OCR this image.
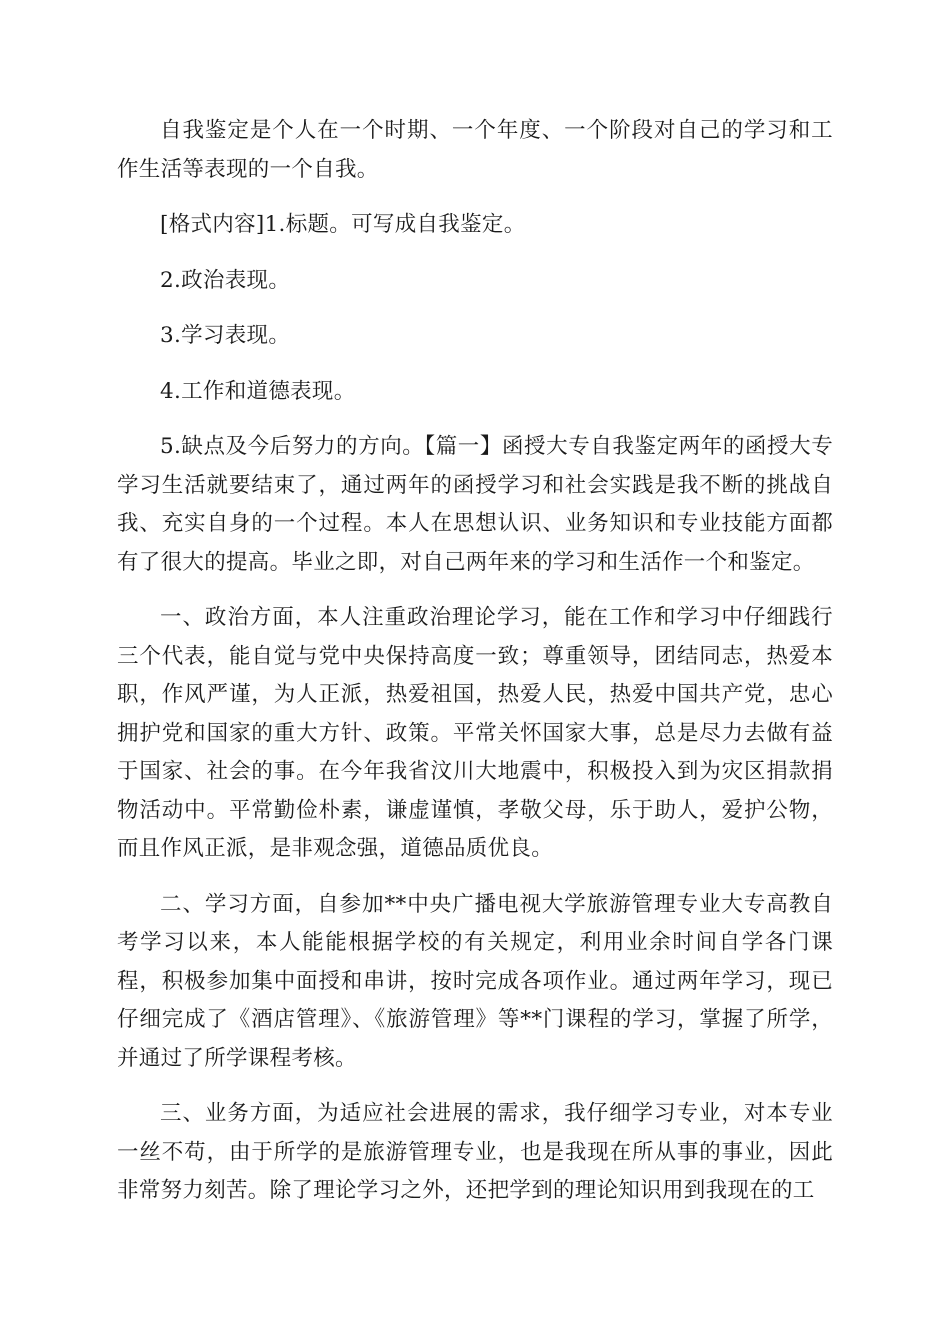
自我鉴定是个人在一个时期、一个年度、一个阶段对自己的学习和工作生活等表现的一个自我。

[格式内容]1.标题。可写成自我鉴定。

2.政治表现。

3.学习表现。

4.工作和道德表现。

5.缺点及今后努力的方向。【篇一】函授大专自我鉴定两年的函授大专学习生活就要结束了，通过两年的函授学习和社会实践是我不断的挑战自我、充实自身的一个过程。本人在思想认识、业务知识和专业技能方面都有了很大的提高。毕业之即，对自己两年来的学习和生活作一个和鉴定。

一、政治方面，本人注重政治理论学习，能在工作和学习中仔细践行三个代表，能自觉与党中央保持高度一致；尊重领导，团结同志，热爱本职，作风严谨，为人正派，热爱祖国，热爱人民，热爱中国共产党，忠心拥护党和国家的重大方针、政策。平常关怀国家大事，总是尽力去做有益于国家、社会的事。在今年我省汶川大地震中，积极投入到为灾区捐款捐物活动中。平常勤俭朴素，谦虚谨慎，孝敬父母，乐于助人，爱护公物，而且作风正派，是非观念强，道德品质优良。

二、学习方面，自参加**中央广播电视大学旅游管理专业大专高教自考学习以来，本人能能根据学校的有关规定，利用业余时间自学各门课程，积极参加集中面授和串讲，按时完成各项作业。通过两年学习，现已仔细完成了《酒店管理》、《旅游管理》等**门课程的学习，掌握了所学，并通过了所学课程考核。

三、业务方面，为适应社会进展的需求，我仔细学习专业，对本专业一丝不苟，由于所学的是旅游管理专业，也是我现在所从事的事业，因此非常努力刻苦。除了理论学习之外，还把学到的理论知识用到我现在的工
